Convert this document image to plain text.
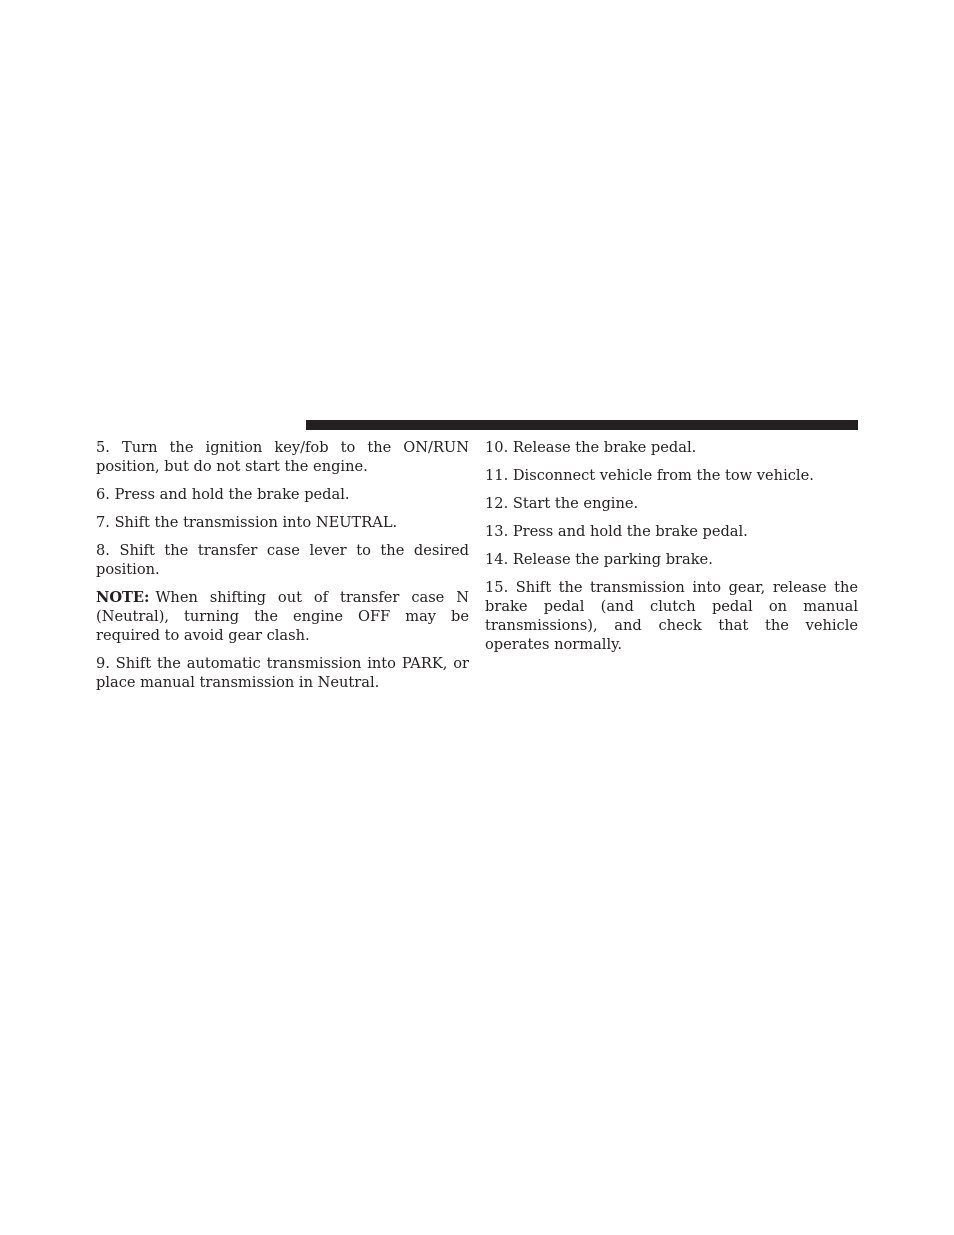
5. Turn the ignition key/fob to the ON/RUN position, but do not start the engine.

6. Press and hold the brake pedal.

7. Shift the transmission into NEUTRAL.

8. Shift the transfer case lever to the desired position.

NOTE: When shifting out of transfer case N (Neutral), turning the engine OFF may be required to avoid gear clash.

9. Shift the automatic transmission into PARK, or place manual transmission in Neutral.

10. Release the brake pedal.

11. Disconnect vehicle from the tow vehicle.

12. Start the engine.

13. Press and hold the brake pedal.

14. Release the parking brake.

15. Shift the transmission into gear, release the brake pedal (and clutch pedal on manual transmissions), and check that the vehicle operates normally.
